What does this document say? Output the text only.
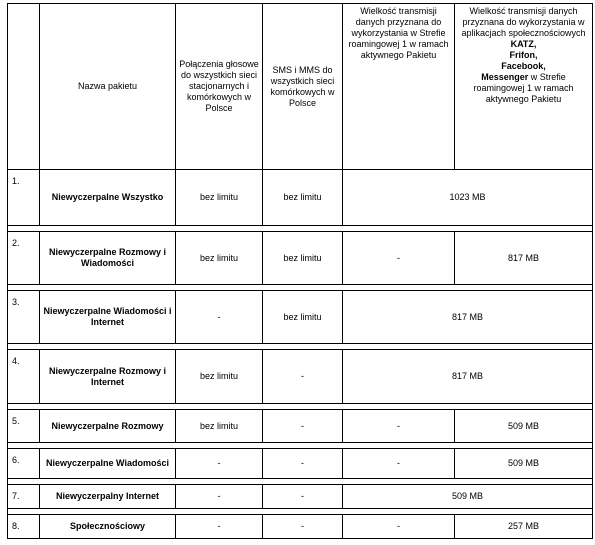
	Nazwa pakietu	Połączenia głosowe do wszystkich sieci stacjonarnych i komórkowych w Polsce	SMS i MMS do wszystkich sieci komórkowych w Polsce	Wielkość transmisji danych przyznana do wykorzystania w Strefie roamingowej 1 w ramach aktywnego Pakietu	Wielkość transmisji danych przyznana do wykorzystania w aplikacjach społecznościowych KATZ,
Frifon,
Facebook,
Messenger w Strefie roamingowej 1 w ramach aktywnego Pakietu
1.	Niewyczerpalne Wszystko	bez limitu	bez limitu	1023 MB	

2.	Niewyczerpalne Rozmowy i Wiadomości	bez limitu	bez limitu	-	817 MB

3.	Niewyczerpalne Wiadomości i Internet	-	bez limitu	817 MB	

4.	Niewyczerpalne Rozmowy i Internet	bez limitu	-	817 MB	

5.	Niewyczerpalne Rozmowy	bez limitu	-	-	509 MB

6.	Niewyczerpalne Wiadomości	-	-	-	509 MB

7.	Niewyczerpalny Internet	-	-	509 MB	

8.	Społecznościowy	-	-	-	257 MB
